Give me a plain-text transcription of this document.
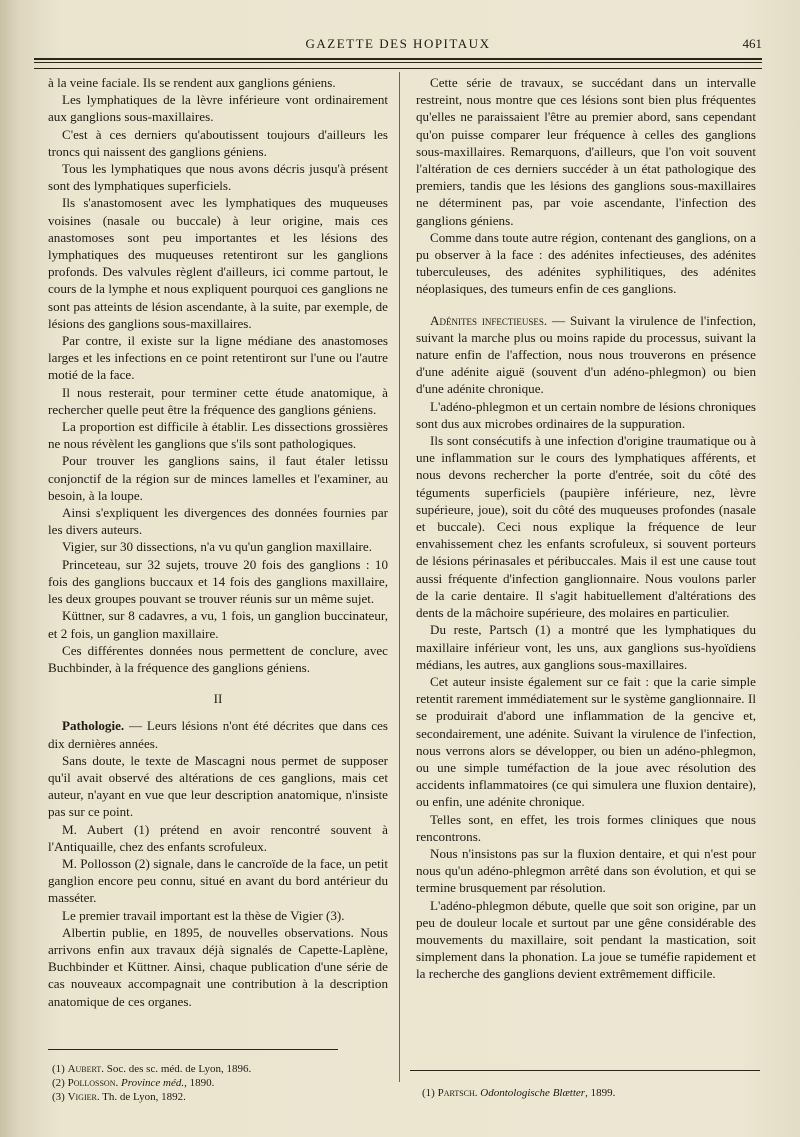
GAZETTE DES HOPITAUX	461

à la veine faciale. Ils se rendent aux ganglions géniens.

Les lymphatiques de la lèvre inférieure vont ordinairement aux ganglions sous-maxillaires.

C'est à ces derniers qu'aboutissent toujours d'ailleurs les troncs qui naissent des ganglions géniens.

Tous les lymphatiques que nous avons décris jusqu'à présent sont des lymphatiques superficiels.

Ils s'anastomosent avec les lymphatiques des muqueuses voisines (nasale ou buccale) à leur origine, mais ces anastomoses sont peu importantes et les lésions des lymphatiques des muqueuses retentiront sur les ganglions profonds. Des valvules règlent d'ailleurs, ici comme partout, le cours de la lymphe et nous expliquent pourquoi ces ganglions ne sont pas atteints de lésion ascendante, à la suite, par exemple, de lésions des ganglions sous-maxillaires.

Par contre, il existe sur la ligne médiane des anastomoses larges et les infections en ce point retentiront sur l'une ou l'autre motié de la face.

Il nous resterait, pour terminer cette étude anatomique, à rechercher quelle peut être la fréquence des ganglions géniens.

La proportion est difficile à établir. Les dissections grossières ne nous révèlent les ganglions que s'ils sont pathologiques.

Pour trouver les ganglions sains, il faut étaler letissu conjonctif de la région sur de minces lamelles et l'examiner, au besoin, à la loupe.

Ainsi s'expliquent les divergences des données fournies par les divers auteurs.

Vigier, sur 30 dissections, n'a vu qu'un ganglion maxillaire.

Princeteau, sur 32 sujets, trouve 20 fois des ganglions : 10 fois des ganglions buccaux et 14 fois des ganglions maxillaire, les deux groupes pouvant se trouver réunis sur un même sujet.

Küttner, sur 8 cadavres, a vu, 1 fois, un ganglion buccinateur, et 2 fois, un ganglion maxillaire.

Ces différentes données nous permettent de conclure, avec Buchbinder, à la fréquence des ganglions géniens.

II

Pathologie. — Leurs lésions n'ont été décrites que dans ces dix dernières années.

Sans doute, le texte de Mascagni nous permet de supposer qu'il avait observé des altérations de ces ganglions, mais cet auteur, n'ayant en vue que leur description anatomique, n'insiste pas sur ce point.

M. Aubert (1) prétend en avoir rencontré souvent à l'Antiquaille, chez des enfants scrofuleux.

M. Pollosson (2) signale, dans le cancroïde de la face, un petit ganglion encore peu connu, situé en avant du bord antérieur du masséter.

Le premier travail important est la thèse de Vigier (3).

Albertin publie, en 1895, de nouvelles observations. Nous arrivons enfin aux travaux déjà signalés de Capette-Laplène, Buchbinder et Küttner. Ainsi, chaque publication d'une série de cas nouveaux accompagnait une contribution à la description anatomique de ces organes.

(1) Aubert. Soc. des sc. méd. de Lyon, 1896.
(2) Pollosson. Province méd., 1890.
(3) Vigier. Th. de Lyon, 1892.

Cette série de travaux, se succédant dans un intervalle restreint, nous montre que ces lésions sont bien plus fréquentes qu'elles ne paraissaient l'être au premier abord, sans cependant qu'on puisse comparer leur fréquence à celles des ganglions sous-maxillaires. Remarquons, d'ailleurs, que l'on voit souvent l'altération de ces derniers succéder à un état pathologique des premiers, tandis que les lésions des ganglions sous-maxillaires ne déterminent pas, par voie ascendante, l'infection des ganglions géniens.

Comme dans toute autre région, contenant des ganglions, on a pu observer à la face : des adénites infectieuses, des adénites tuberculeuses, des adénites syphilitiques, des adénites néoplasiques, des tumeurs enfin de ces ganglions.

Adénites infectieuses. — Suivant la virulence de l'infection, suivant la marche plus ou moins rapide du processus, suivant la nature enfin de l'affection, nous nous trouverons en présence d'une adénite aiguë (souvent d'un adéno-phlegmon) ou bien d'une adénite chronique.

L'adéno-phlegmon et un certain nombre de lésions chroniques sont dus aux microbes ordinaires de la suppuration.

Ils sont consécutifs à une infection d'origine traumatique ou à une inflammation sur le cours des lymphatiques afférents, et nous devons rechercher la porte d'entrée, soit du côté des téguments superficiels (paupière inférieure, nez, lèvre supérieure, joue), soit du côté des muqueuses profondes (nasale et buccale). Ceci nous explique la fréquence de leur envahissement chez les enfants scrofuleux, si souvent porteurs de lésions périnasales et péribuccales. Mais il est une cause tout aussi fréquente d'infection ganglionnaire. Nous voulons parler de la carie dentaire. Il s'agit habituellement d'altérations des dents de la mâchoire supérieure, des molaires en particulier.

Du reste, Partsch (1) a montré que les lymphatiques du maxillaire inférieur vont, les uns, aux ganglions sus-hyoïdiens médians, les autres, aux ganglions sous-maxillaires.

Cet auteur insiste également sur ce fait : que la carie simple retentit rarement immédiatement sur le système ganglionnaire. Il se produirait d'abord une inflammation de la gencive et, secondairement, une adénite. Suivant la virulence de l'infection, nous verrons alors se développer, ou bien un adéno-phlegmon, ou une simple tuméfaction de la joue avec résolution des accidents inflammatoires (ce qui simulera une fluxion dentaire), ou enfin, une adénite chronique.

Telles sont, en effet, les trois formes cliniques que nous rencontrons.

Nous n'insistons pas sur la fluxion dentaire, et qui n'est pour nous qu'un adéno-phlegmon arrêté dans son évolution, et qui se termine brusquement par résolution.

L'adéno-phlegmon débute, quelle que soit son origine, par un peu de douleur locale et surtout par une gêne considérable des mouvements du maxillaire, soit pendant la mastication, soit simplement dans la phonation. La joue se tuméfie rapidement et la recherche des ganglions devient extrêmement difficile.

(1) Partsch. Odontologische Blætter, 1899.
